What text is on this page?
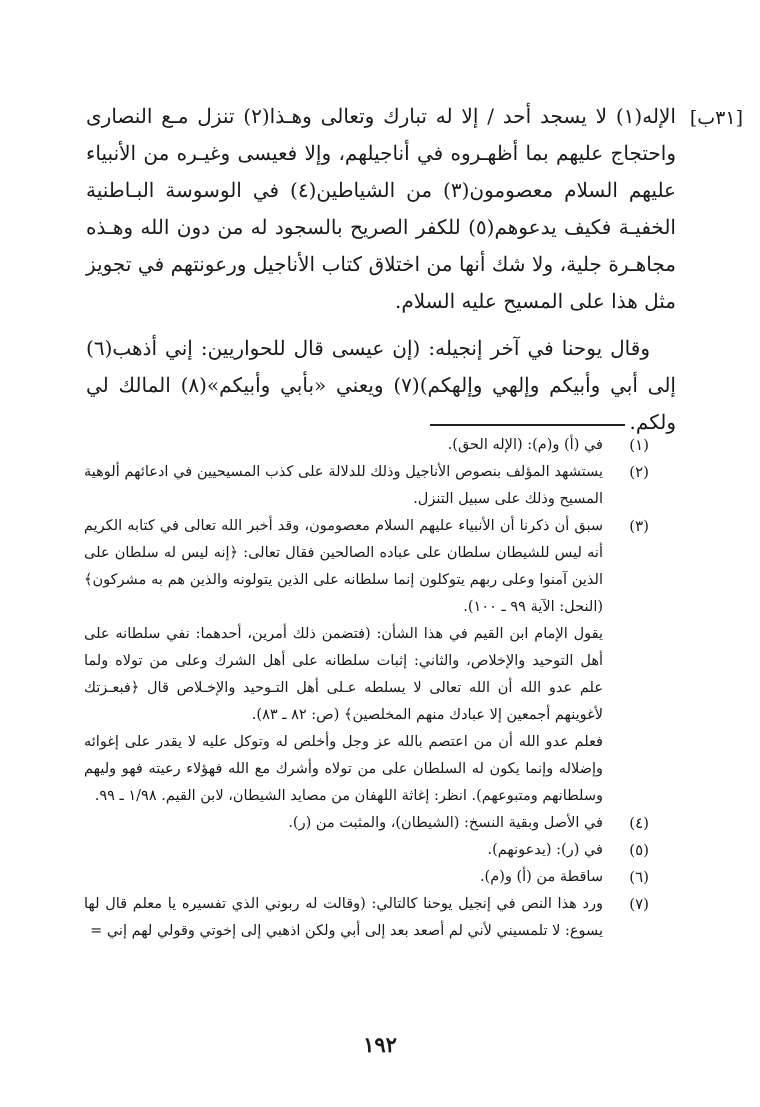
[٣١ب]

الإله(١) لا يسجد أحد / إلا له تبارك وتعالى وهـذا(٢) تنزل مـع النصارى واحتجاج عليهم بما أظهـروه في أناجيلهم، وإلا فعيسى وغيـره من الأنبياء عليهم السلام معصومون(٣) من الشياطين(٤) في الوسوسة البـاطنية الخفيـة فكيف يدعوهم(٥) للكفر الصريح بالسجود له من دون الله وهـذه مجاهـرة جلية، ولا شك أنها من اختلاق كتاب الأناجيل ورعونتهم في تجويز مثل هذا على المسيح عليه السلام.

وقال يوحنا في آخر إنجيله: (إن عيسى قال للحواريين: إني أذهب(٦) إلى أبي وأبيكم وإلهي وإلهكم)(٧) ويعني «بأبي وأبيكم»(٨) المالك لي ولكم.

(١)

في (أ) و(م): (الإله الحق).

(٢)

يستشهد المؤلف بنصوص الأناجيل وذلك للدلالة على كذب المسيحيين في ادعائهم ألوهية المسيح وذلك على سبيل التنزل.

(٣)

سبق أن ذكرنا أن الأنبياء عليهم السلام معصومون، وقد أخبر الله تعالى في كتابه الكريم أنه ليس للشيطان سلطان على عباده الصالحين فقال تعالى: ﴿إنه ليس له سلطان على الذين آمنوا وعلى ربهم يتوكلون إنما سلطانه على الذين يتولونه والذين هم به مشركون﴾ (النحل: الآية ٩٩ ـ ١٠٠).

يقول الإمام ابن القيم في هذا الشأن: (فتضمن ذلك أمرين، أحدهما: نفي سلطانه على أهل التوحيد والإخلاص، والثاني: إثبات سلطانه على أهل الشرك وعلى من تولاه ولما علم عدو الله أن الله تعالى لا يسلطه عـلى أهل التـوحيد والإخـلاص قال ﴿فبعـزتك لأغوينهم أجمعين إلا عبادك منهم المخلصين﴾ (ص: ٨٢ ـ ٨٣).

فعلم عدو الله أن من اعتصم بالله عز وجل وأخلص له وتوكل عليه لا يقدر على إغوائه وإضلاله وإنما يكون له السلطان على من تولاه وأشرك مع الله فهؤلاء رعيته فهو وليهم وسلطانهم ومتبوعهم). انظر: إغاثة اللهفان من مصايد الشيطان، لابن القيم. ١/٩٨ ـ ٩٩.

(٤)

في الأصل وبقية النسخ: (الشيطان)، والمثبت من (ر).

(٥)

في (ر): (يدعونهم).

(٦)

ساقطة من (أ) و(م).

(٧)

ورد هذا النص في إنجيل يوحنا كالتالي: (وقالت له ربوني الذي تفسيره يا معلم قال لها يسوع: لا تلمسيني لأني لم أصعد بعد إلى أبي ولكن اذهبي إلى إخوتي وقولي لهم إني =

١٩٢
